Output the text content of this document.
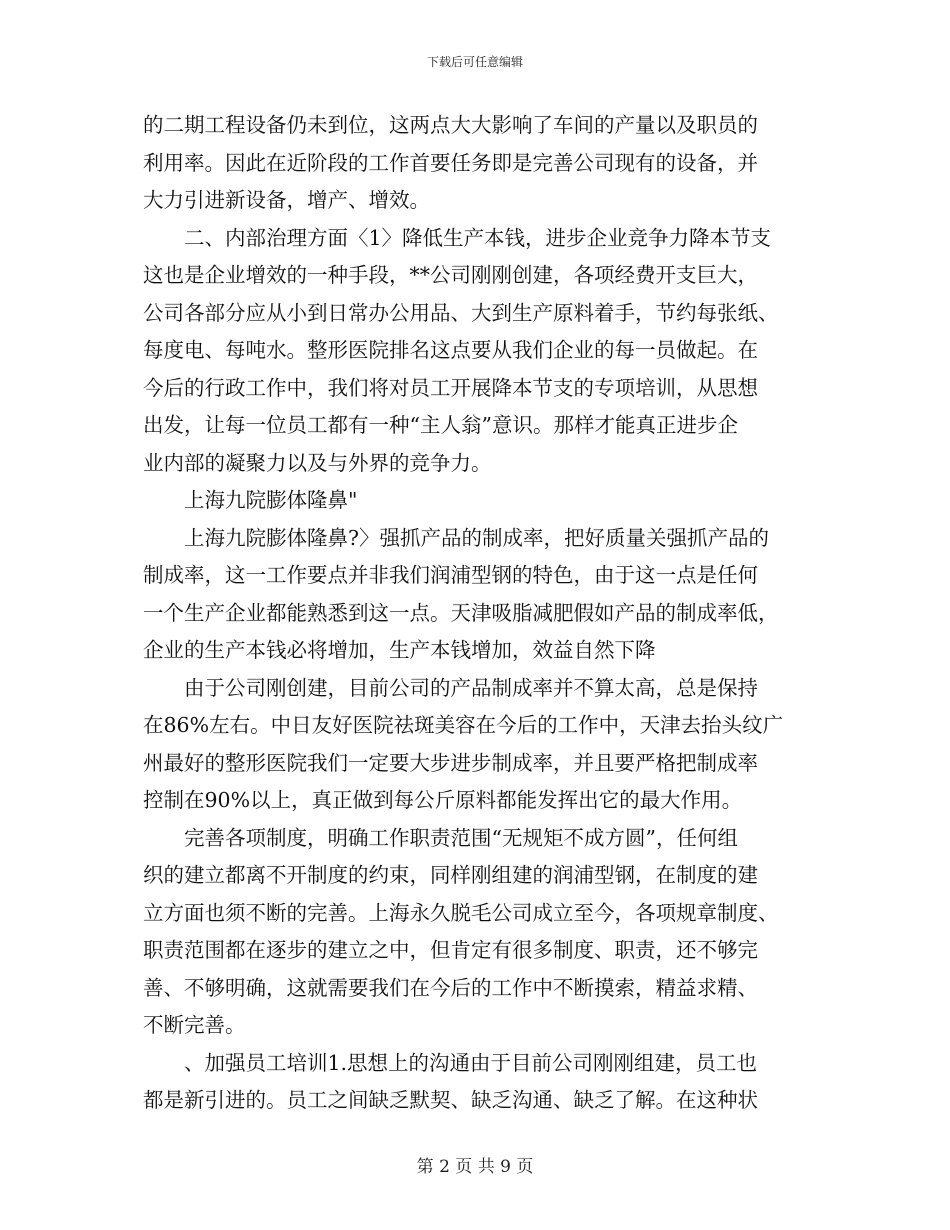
下载后可任意编辑
的二期工程设备仍未到位，这两点大大影响了车间的产量以及职员的
利用率。因此在近阶段的工作首要任务即是完善公司现有的设备，并
大力引进新设备，增产、增效。
二、内部治理方面〈1〉降低生产本钱，进步企业竞争力降本节支
这也是企业增效的一种手段，**公司刚刚创建，各项经费开支巨大，
公司各部分应从小到日常办公用品、大到生产原料着手，节约每张纸、
每度电、每吨水。整形医院排名这点要从我们企业的每一员做起。在
今后的行政工作中，我们将对员工开展降本节支的专项培训，从思想
出发，让每一位员工都有一种“主人翁”意识。那样才能真正进步企
业内部的凝聚力以及与外界的竞争力。
上海九院膨体隆鼻"
上海九院膨体隆鼻?〉强抓产品的制成率，把好质量关强抓产品的
制成率，这一工作要点并非我们润浦型钢的特色，由于这一点是任何
一个生产企业都能熟悉到这一点。天津吸脂减肥假如产品的制成率低，
企业的生产本钱必将增加，生产本钱增加，效益自然下降
由于公司刚创建，目前公司的产品制成率并不算太高，总是保持
在86%左右。中日友好医院祛斑美容在今后的工作中，天津去抬头纹广
州最好的整形医院我们一定要大步进步制成率，并且要严格把制成率
控制在90%以上，真正做到每公斤原料都能发挥出它的最大作用。
完善各项制度，明确工作职责范围“无规矩不成方圆”，任何组
织的建立都离不开制度的约束，同样刚组建的润浦型钢，在制度的建
立方面也须不断的完善。上海永久脱毛公司成立至今，各项规章制度、
职责范围都在逐步的建立之中，但肯定有很多制度、职责，还不够完
善、不够明确，这就需要我们在今后的工作中不断摸索，精益求精、
不断完善。
、加强员工培训1.思想上的沟通由于目前公司刚刚组建，员工也
都是新引进的。员工之间缺乏默契、缺乏沟通、缺乏了解。在这种状
第 2 页 共 9 页
